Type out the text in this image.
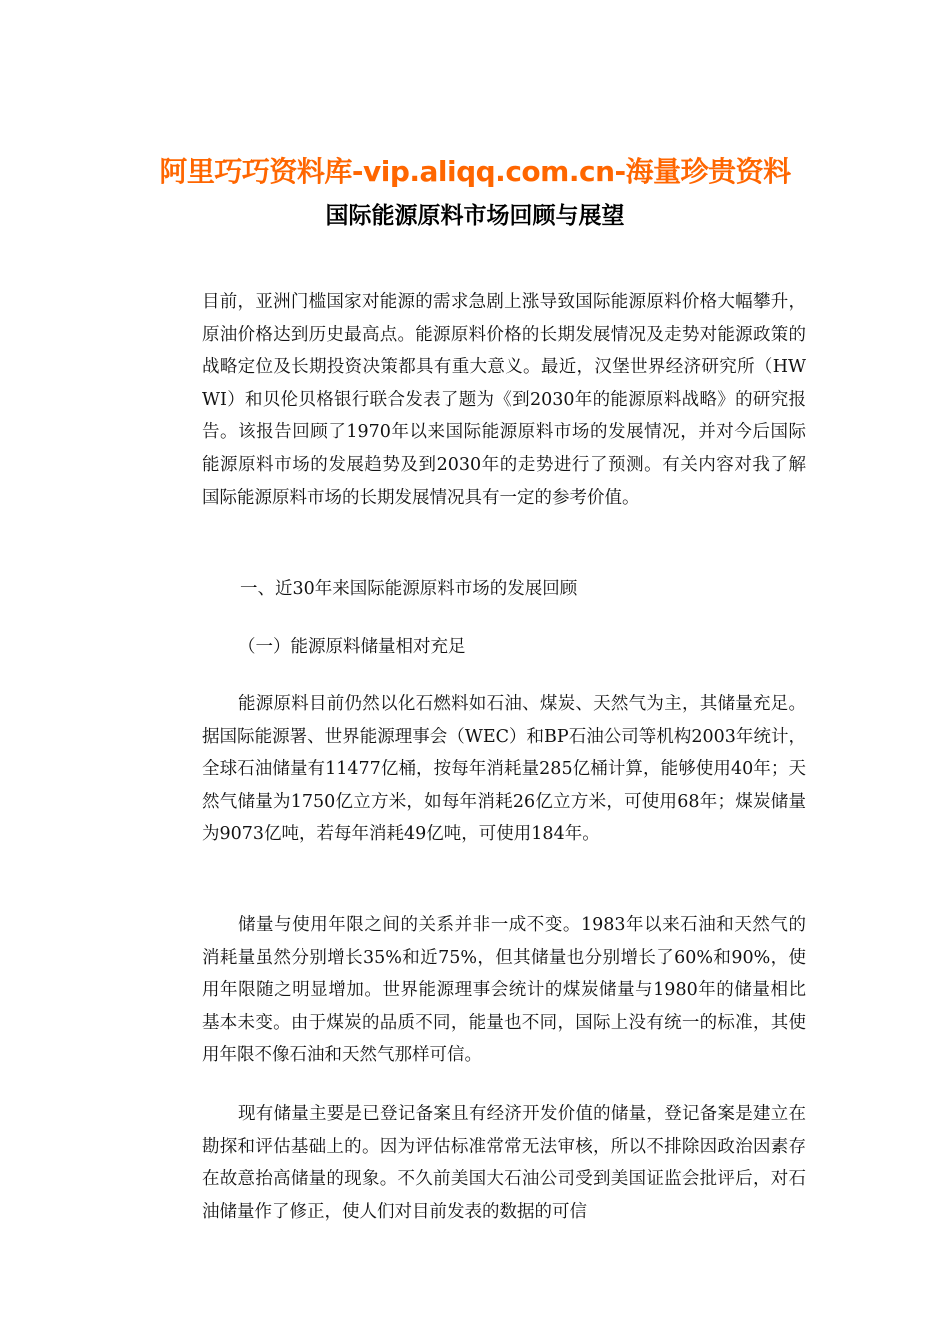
阿里巧巧资料库-vip.aliqq.com.cn-海量珍贵资料
国际能源原料市场回顾与展望

目前，亚洲门槛国家对能源的需求急剧上涨导致国际能源原料价格大幅攀升，原油价格达到历史最高点。能源原料价格的长期发展情况及走势对能源政策的战略定位及长期投资决策都具有重大意义。最近，汉堡世界经济研究所（HWWI）和贝伦贝格银行联合发表了题为《到2030年的能源原料战略》的研究报告。该报告回顾了1970年以来国际能源原料市场的发展情况，并对今后国际能源原料市场的发展趋势及到2030年的走势进行了预测。有关内容对我了解国际能源原料市场的长期发展情况具有一定的参考价值。

一、近30年来国际能源原料市场的发展回顾

（一）能源原料储量相对充足

能源原料目前仍然以化石燃料如石油、煤炭、天然气为主，其储量充足。据国际能源署、世界能源理事会（WEC）和BP石油公司等机构2003年统计，全球石油储量有11477亿桶，按每年消耗量285亿桶计算，能够使用40年；天然气储量为1750亿立方米，如每年消耗26亿立方米，可使用68年；煤炭储量为9073亿吨，若每年消耗49亿吨，可使用184年。

储量与使用年限之间的关系并非一成不变。1983年以来石油和天然气的消耗量虽然分别增长35%和近75%，但其储量也分别增长了60%和90%，使用年限随之明显增加。世界能源理事会统计的煤炭储量与1980年的储量相比基本未变。由于煤炭的品质不同，能量也不同，国际上没有统一的标准，其使用年限不像石油和天然气那样可信。

现有储量主要是已登记备案且有经济开发价值的储量，登记备案是建立在勘探和评估基础上的。因为评估标准常常无法审核，所以不排除因政治因素存在故意抬高储量的现象。不久前美国大石油公司受到美国证监会批评后，对石油储量作了修正，使人们对目前发表的数据的可信
